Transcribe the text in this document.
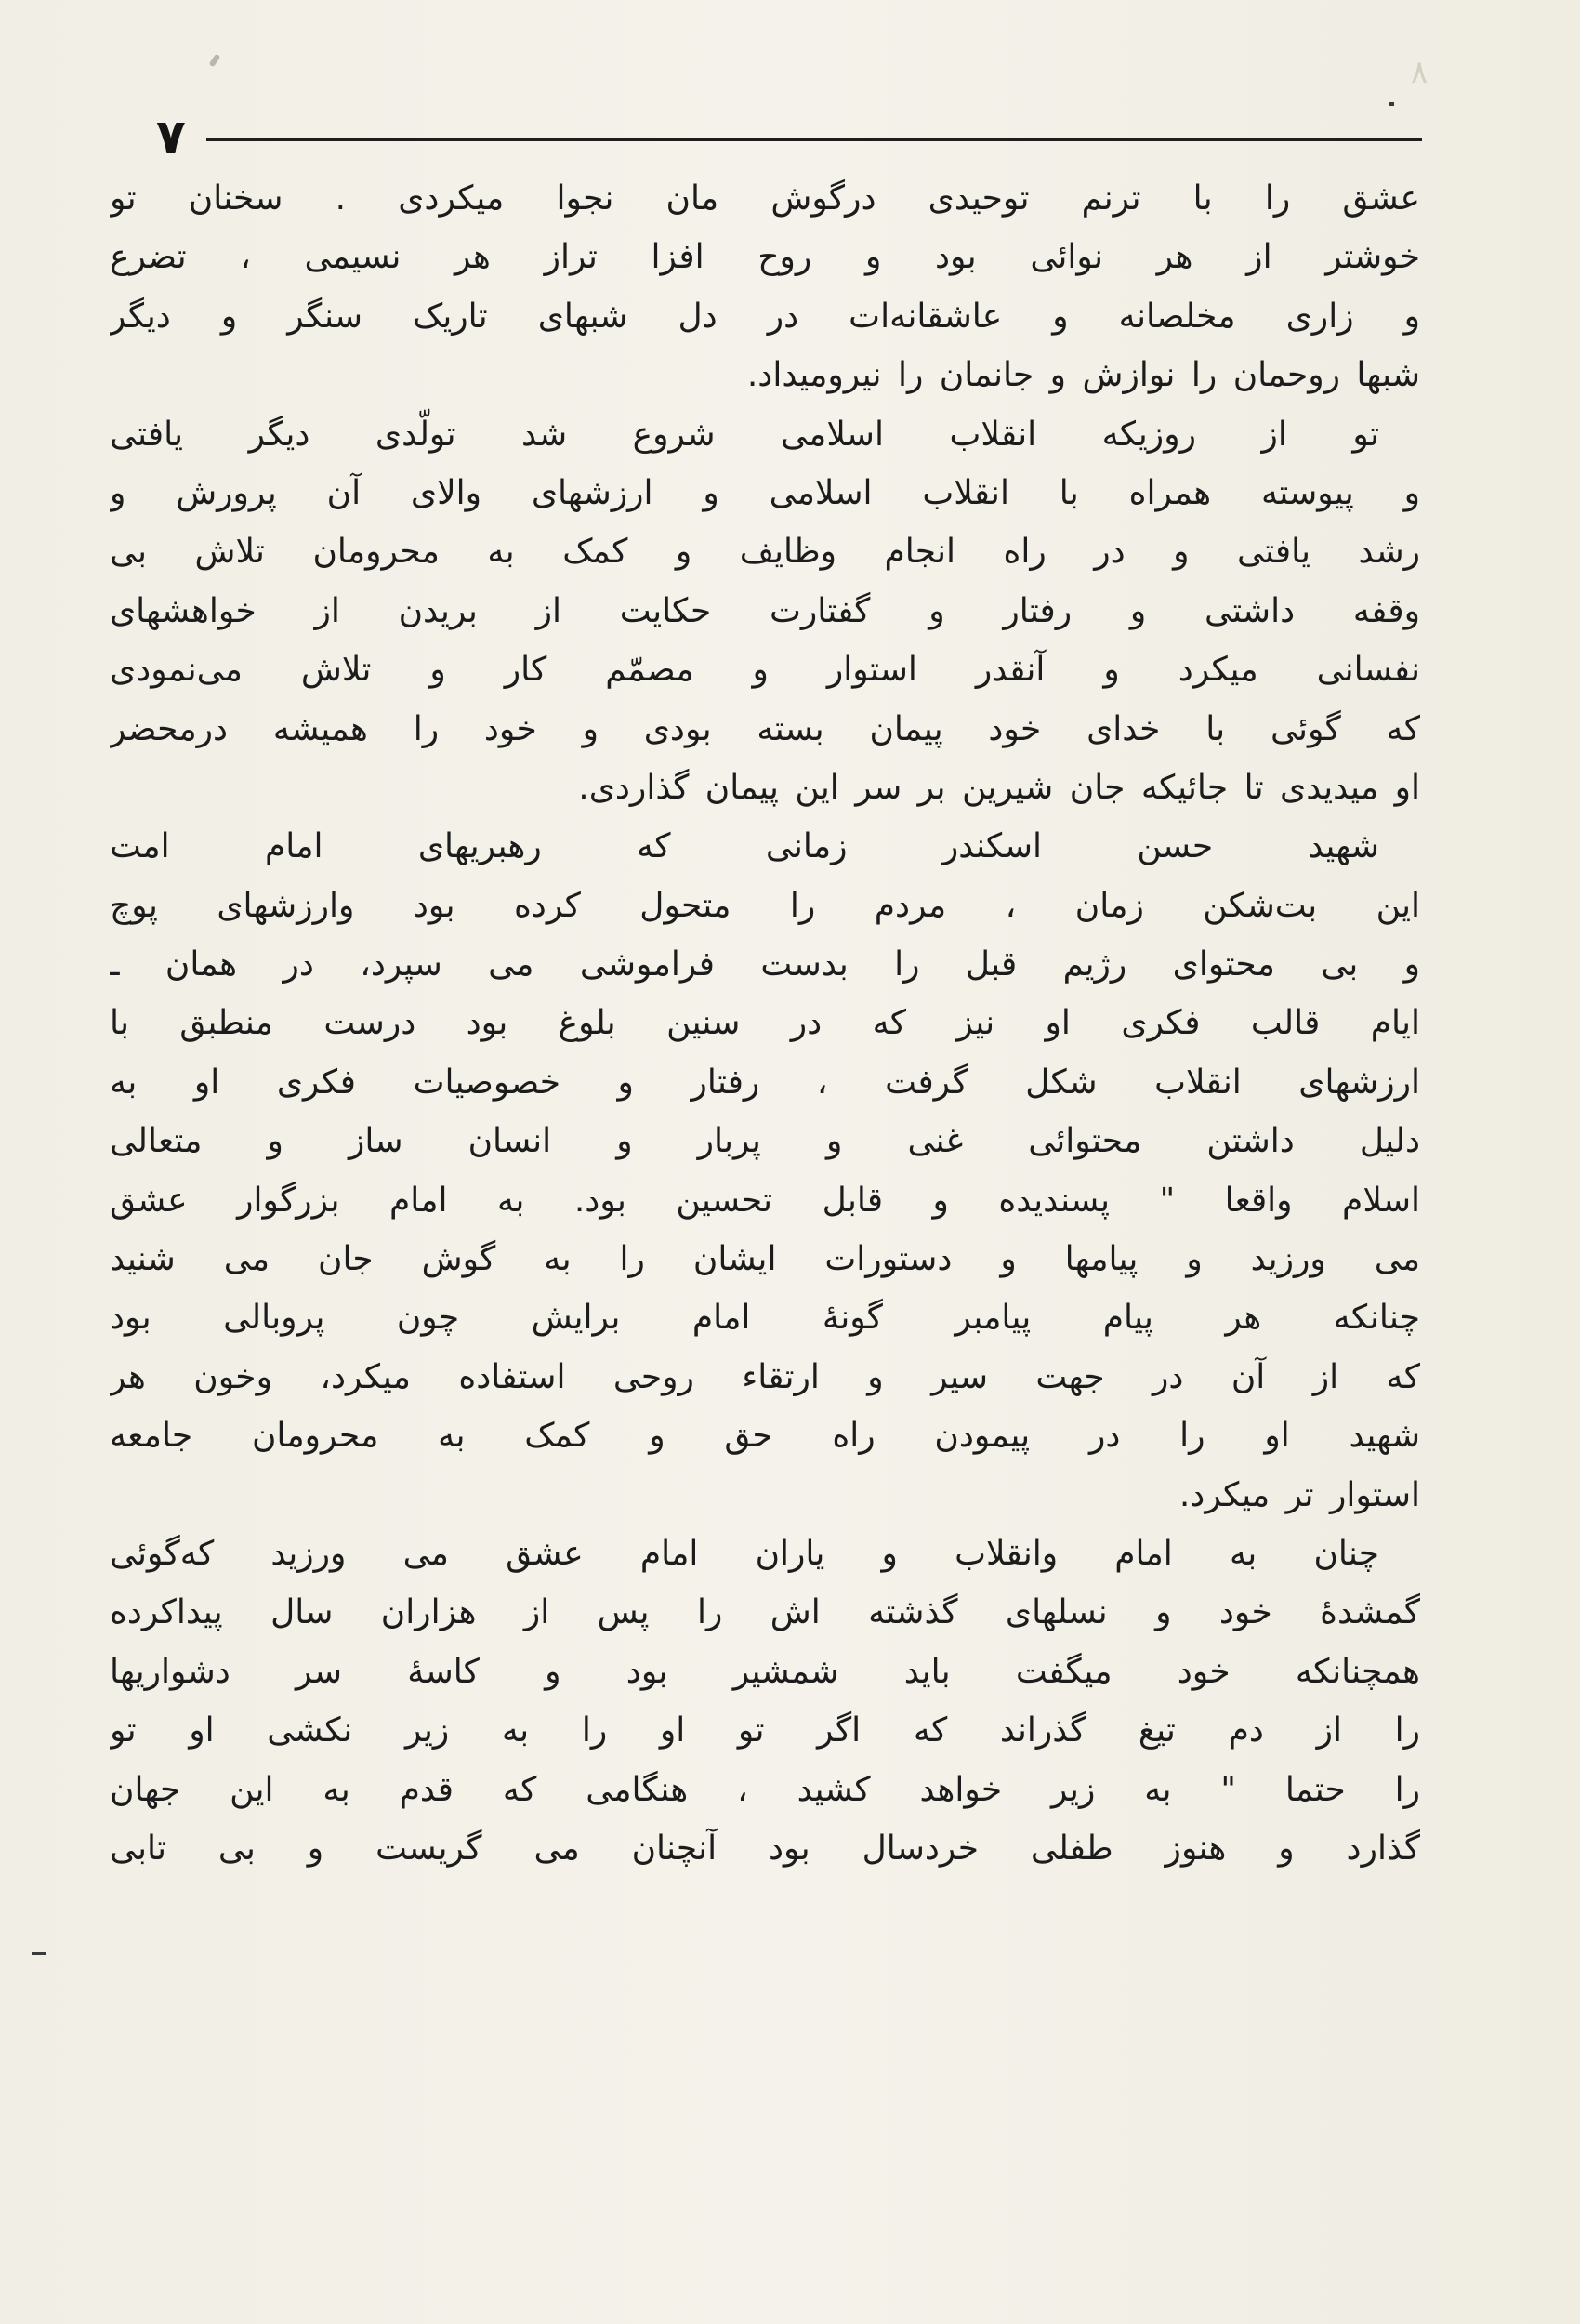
۸
۷
عشق را با ترنم توحیدی درگوش مان نجوا میکردی . سخنان تو
خوشتر از هر نوائی بود و روح افزا تراز هر نسیمی ، تضرع
و زاری مخلصانه و عاشقانه‌ات در دل شبهای تاریک سنگر و دیگر
شبها روحمان را نوازش و جانمان را نیرومیداد.
تو از روزیکه انقلاب اسلامی شروع شد تولّدی دیگر یافتی
و پیوسته همراه با انقلاب اسلامی و ارزشهای والای آن پرورش و
رشد یافتی و در راه انجام وظایف و کمک به محرومان تلاش بی
وقفه داشتی و رفتار و گفتارت حکایت از بریدن از خواهشهای
نفسانی میکرد و آنقدر استوار و مصمّم کار و تلاش می‌نمودی
که گوئی با خدای خود پیمان بسته بودی و خود را همیشه درمحضر
او میدیدی تا جائیکه جان شیرین بر سر این پیمان گذاردی.
شهید حسن اسکندر زمانی که رهبریهای امام امت
این بت‌شکن زمان ، مردم را متحول کرده بود وارزشهای پوچ
و بی محتوای رژیم قبل را بدست فراموشی می سپرد، در همان ـ
ایام قالب فکری او نیز که در سنین بلوغ بود درست منطبق با
ارزشهای انقلاب شکل گرفت ، رفتار و خصوصیات فکری او به
دلیل داشتن محتوائی غنی و پربار و انسان ساز و متعالی
اسلام واقعا " پسندیده و قابل تحسین بود. به امام بزرگوار عشق
می ورزید و پیامها و دستورات ایشان را به گوش جان می شنید
چنانکه هر پیام پیامبر گونهٔ امام برایش چون پروبالی بود
که از آن در جهت سیر و ارتقاء روحی استفاده میکرد، وخون هر
شهید او را در پیمودن راه حق و کمک به محرومان جامعه
استوار تر میکرد.
چنان به امام وانقلاب و یاران امام عشق می ورزید که‌گوئی
گمشدهٔ خود و نسلهای گذشته اش را پس از هزاران سال پیداکرده
همچنانکه خود میگفت باید شمشیر بود و کاسهٔ سر دشواریها
را از دم تیغ گذراند که اگر تو او را به زیر نکشی او تو
را حتما " به زیر خواهد کشید ، هنگامی که قدم به این جهان
گذارد و هنوز طفلی خردسال بود آنچنان می گریست و بی تابی
